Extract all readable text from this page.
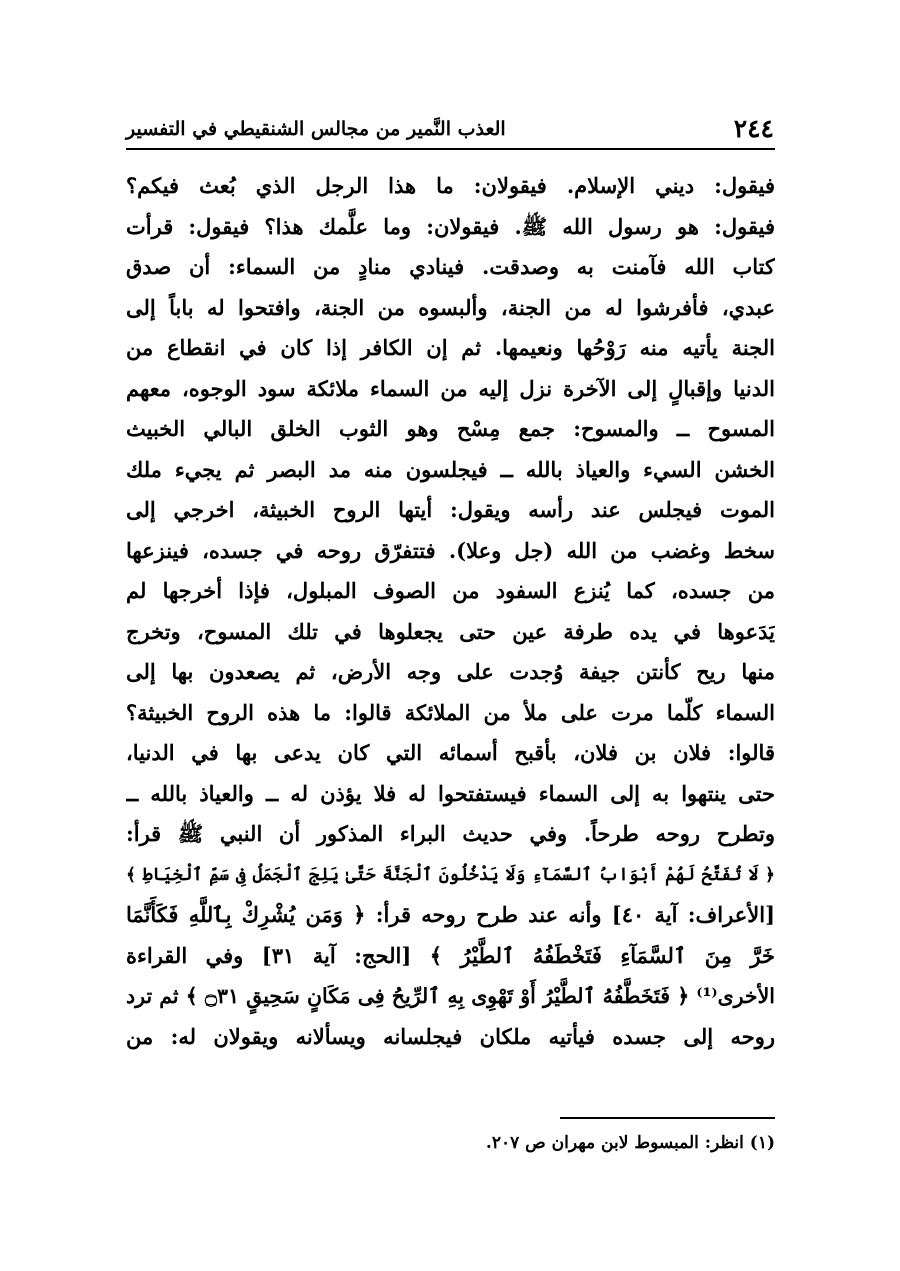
٢٤٤
العذب النَّمير من مجالس الشنقيطي في التفسير
فيقول: ديني الإسلام. فيقولان: ما هذا الرجل الذي بُعث فيكم؟
فيقول: هو رسول الله ﷺ. فيقولان: وما علَّمك هذا؟ فيقول: قرأت
كتاب الله فآمنت به وصدقت. فينادي منادٍ من السماء: أن صدق
عبدي، فأفرشوا له من الجنة، وألبسوه من الجنة، وافتحوا له باباً إلى
الجنة يأتيه منه رَوْحُها ونعيمها. ثم إن الكافر إذا كان في انقطاع من
الدنيا وإقبالٍ إلى الآخرة نزل إليه من السماء ملائكة سود الوجوه، معهم
المسوح ــ والمسوح: جمع مِسْح وهو الثوب الخلق البالي الخبيث
الخشن السيء والعياذ بالله ــ فيجلسون منه مد البصر ثم يجيء ملك
الموت فيجلس عند رأسه ويقول: أيتها الروح الخبيثة، اخرجي إلى
سخط وغضب من الله (جل وعلا). فتتفرّق روحه في جسده، فينزعها
من جسده، كما يُنزع السفود من الصوف المبلول، فإذا أخرجها لم
يَدَعوها في يده طرفة عين حتى يجعلوها في تلك المسوح، وتخرج
منها ريح كأنتن جيفة وُجدت على وجه الأرض، ثم يصعدون بها إلى
السماء كلّما مرت على ملأ من الملائكة قالوا: ما هذه الروح الخبيثة؟
قالوا: فلان بن فلان، بأقبح أسمائه التي كان يدعى بها في الدنيا،
حتى ينتهوا به إلى السماء فيستفتحوا له فلا يؤذن له ــ والعياذ بالله ــ
وتطرح روحه طرحاً. وفي حديث البراء المذكور أن النبي ﷺ قرأ:
﴿ لَا تُفَتَّحُ لَهُمْ أَبْوَابُ ٱلسَّمَآءِ وَلَا يَدْخُلُونَ ٱلْجَنَّةَ حَتَّىٰ يَلِجَ ٱلْجَمَلُ فِى سَمِّ ٱلْخِيَاطِ ﴾
[الأعراف: آية ٤٠] وأنه عند طرح روحه قرأ: ﴿ وَمَن يُشْرِكْ بِٱللَّهِ فَكَأَنَّمَا
خَرَّ مِنَ ٱلسَّمَآءِ فَتَخْطَفُهُ ٱلطَّيْرُ ﴾ [الحج: آية ٣١] وفي القراءة
الأخرى⁽¹⁾ ﴿ فَتَخَطَّفُهُ ٱلطَّيْرُ أَوْ تَهْوِى بِهِ ٱلرِّيحُ فِى مَكَانٍ سَحِيقٍ ۝٣١ ﴾ ثم ترد
روحه إلى جسده فيأتيه ملكان فيجلسانه ويسألانه ويقولان له: من
(١) انظر: المبسوط لابن مهران ص ٢٠٧.
